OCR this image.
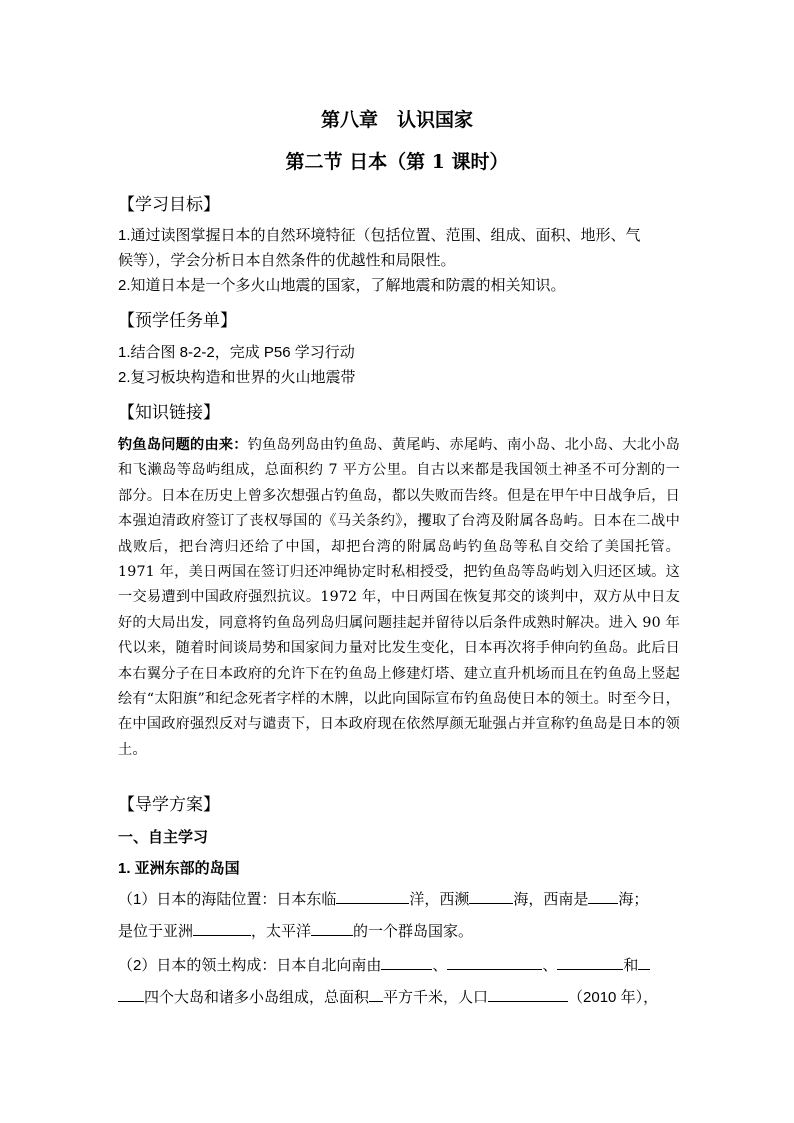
第八章　认识国家
第二节 日本（第 1 课时）
【学习目标】
1.通过读图掌握日本的自然环境特征（包括位置、范围、组成、面积、地形、气
候等），学会分析日本自然条件的优越性和局限性。
2.知道日本是一个多火山地震的国家，了解地震和防震的相关知识。
【预学任务单】
1.结合图 8-2-2，完成 P56 学习行动
2.复习板块构造和世界的火山地震带
【知识链接】
钓鱼岛问题的由来：钓鱼岛列岛由钓鱼岛、黄尾屿、赤尾屿、南小岛、北小岛、大北小岛和飞濑岛等岛屿组成，总面积约 7 平方公里。自古以来都是我国领土神圣不可分割的一部分。日本在历史上曾多次想强占钓鱼岛，都以失败而告终。但是在甲午中日战争后，日本强迫清政府签订了丧权辱国的《马关条约》，攫取了台湾及附属各岛屿。日本在二战中战败后，把台湾归还给了中国，却把台湾的附属岛屿钓鱼岛等私自交给了美国托管。1971 年，美日两国在签订归还冲绳协定时私相授受，把钓鱼岛等岛屿划入归还区域。这一交易遭到中国政府强烈抗议。1972 年，中日两国在恢复邦交的谈判中，双方从中日友好的大局出发，同意将钓鱼岛列岛归属问题挂起并留待以后条件成熟时解决。进入 90 年代以来，随着时间谈局势和国家间力量对比发生变化，日本再次将手伸向钓鱼岛。此后日本右翼分子在日本政府的允许下在钓鱼岛上修建灯塔、建立直升机场而且在钓鱼岛上竖起绘有“太阳旗”和纪念死者字样的木牌，以此向国际宣布钓鱼岛使日本的领土。时至今日，在中国政府强烈反对与谴责下，日本政府现在依然厚颜无耻强占并宣称钓鱼岛是日本的领土。
【导学方案】
一、自主学习
1. 亚洲东部的岛国
（1）日本的海陆位置：日本东临	洋，西濒	海，西南是 海；
是位于亚洲	，太平洋	的一个群岛国家。
（2）日本的领土构成：日本自北向南由	、	、	和
四个大岛和诸多小岛组成，总面积 平方千米，人口	（2010 年），
